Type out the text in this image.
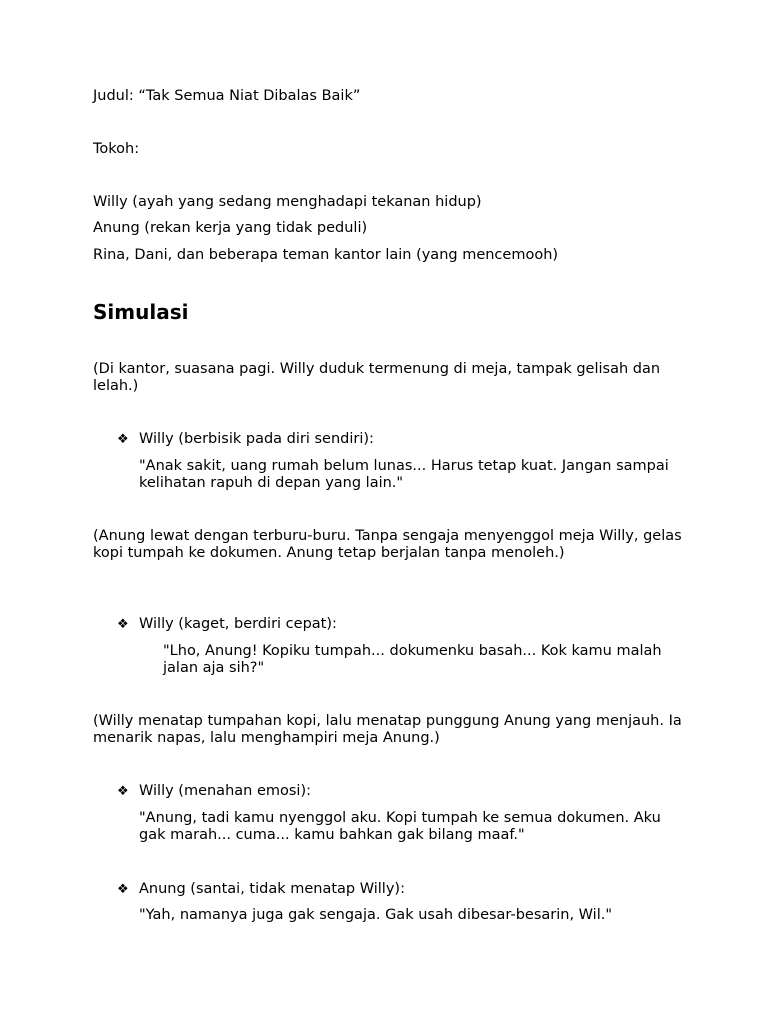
Judul: “Tak Semua Niat Dibalas Baik”
Tokoh:
Willy (ayah yang sedang menghadapi tekanan hidup)
Anung (rekan kerja yang tidak peduli)
Rina, Dani, dan beberapa teman kantor lain (yang mencemooh)
Simulasi
(Di kantor, suasana pagi. Willy duduk termenung di meja, tampak gelisah dan lelah.)
❖ Willy (berbisik pada diri sendiri):
"Anak sakit, uang rumah belum lunas... Harus tetap kuat. Jangan sampai kelihatan rapuh di depan yang lain."
(Anung lewat dengan terburu-buru. Tanpa sengaja menyenggol meja Willy, gelas kopi tumpah ke dokumen. Anung tetap berjalan tanpa menoleh.)
❖ Willy (kaget, berdiri cepat):
"Lho, Anung! Kopiku tumpah... dokumenku basah... Kok kamu malah jalan aja sih?"
(Willy menatap tumpahan kopi, lalu menatap punggung Anung yang menjauh. Ia menarik napas, lalu menghampiri meja Anung.)
❖ Willy (menahan emosi):
"Anung, tadi kamu nyenggol aku. Kopi tumpah ke semua dokumen. Aku gak marah... cuma... kamu bahkan gak bilang maaf."
❖ Anung (santai, tidak menatap Willy):
"Yah, namanya juga gak sengaja. Gak usah dibesar-besarin, Wil."
